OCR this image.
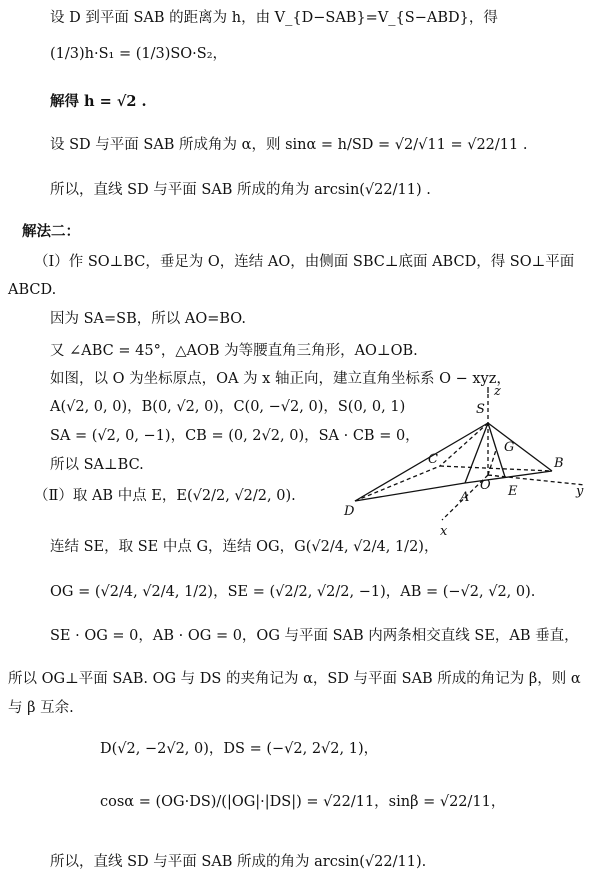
设 D 到平面 SAB 的距离为 h，由 V_{D−SAB}=V_{S−ABD}，得
(1/3)h·S₁ = (1/3)SO·S₂，
解得 h = √2 .
设 SD 与平面 SAB 所成角为 α，则 sinα = h/SD = √2/√11 = √22/11 .
所以，直线 SD 与平面 SAB 所成的角为 arcsin(√22/11) .
解法二：
（Ⅰ）作 SO⊥BC，垂足为 O，连结 AO，由侧面 SBC⊥底面 ABCD，得 SO⊥平面
ABCD.
因为 SA=SB，所以 AO=BO.
又 ∠ABC = 45°，△AOB 为等腰直角三角形，AO⊥OB.
如图，以 O 为坐标原点，OA 为 x 轴正向，建立直角坐标系 O − xyz，
A(√2, 0, 0)，B(0, √2, 0)，C(0, −√2, 0)，S(0, 0, 1)
SA = (√2, 0, −1)，CB = (0, 2√2, 0)，SA · CB = 0，
所以 SA⊥BC.
（Ⅱ）取 AB 中点 E，E(√2/2, √2/2, 0).
连结 SE，取 SE 中点 G，连结 OG，G(√2/4, √2/4, 1/2)，
OG = (√2/4, √2/4, 1/2)，SE = (√2/2, √2/2, −1)，AB = (−√2, √2, 0).
SE · OG = 0，AB · OG = 0，OG 与平面 SAB 内两条相交直线 SE，AB 垂直，
所以 OG⊥平面 SAB. OG 与 DS 的夹角记为 α，SD 与平面 SAB 所成的角记为 β，则 α
与 β 互余.
D(√2, −2√2, 0)，DS = (−√2, 2√2, 1)，
cosα = (OG·DS)/(|OG|·|DS|) = √22/11，sinβ = √22/11，
所以，直线 SD 与平面 SAB 所成的角为 arcsin(√22/11).
S
z
G
C	B
y
O
D
A	E
x
